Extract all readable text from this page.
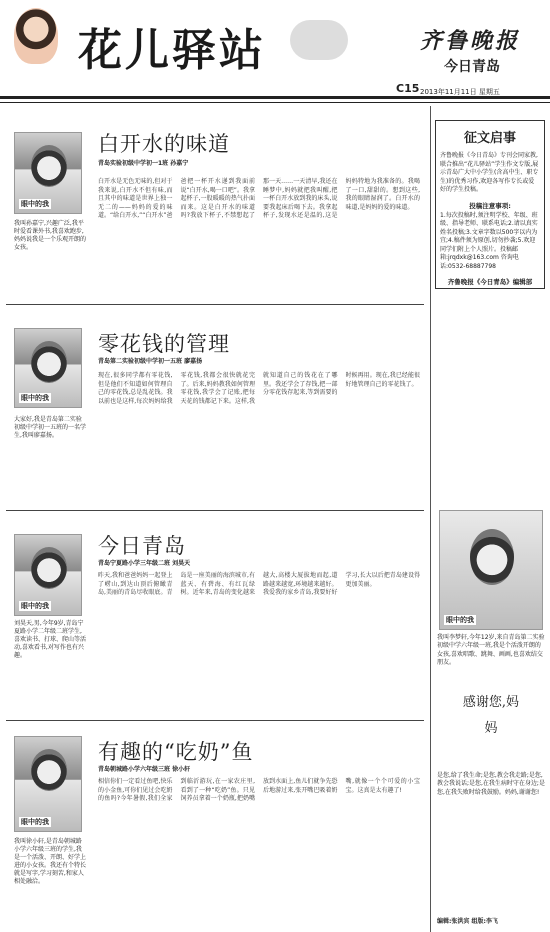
花儿驿站	齐鲁晚报
今日青岛
C15 2013年11月11日 星期五
白开水的味道
青岛实验初级中学初一1班 孙嘉宁
眼中的我
我叫孙嘉宁,兴趣广泛,我平时爱看课外书,我喜欢跑步,妈妈说我是一个乐观开朗的女孩。
白开水是无色无味的,但对于我来说,白开水不但有味,而且其中的味道是世界上独一无二的——妈妈的爱的味道。“给白开水,”“白开水”爸爸把一杯开水递到我面前说“白开水,喝一口吧”。我拿起杯子,一股暖暖的热气扑面而来。这是白开水的味道吗?我放下杯子,不禁想起了那一天……一天清早,我还在睡梦中,妈妈就把我叫醒,把一杯白开水放到我的床头,说要我起床后喝下去。我拿起杯子,发现水还是温的,这是妈妈特地为我准备的。我喝了一口,甜甜的。想到这些,我的眼睛湿润了。白开水的味道,是妈妈的爱的味道。
零花钱的管理
青岛第二实验初级中学初一五班 廖嘉扬
眼中的我
大家好,我是青岛第二实验初级中学初一五班的一名学生,我叫廖嘉扬。
现在,很多同学都有零花钱,但是他们不知道如何管理自己的零花钱,总是乱花钱。我以前也是这样,每次妈妈给我零花钱,我都会很快就花完了。后来,妈妈教我如何管理零花钱,我学会了记账,把每天花的钱都记下来。这样,我就知道自己的钱花在了哪里。我还学会了存钱,把一部分零花钱存起来,等到需要的时候再用。现在,我已经能很好地管理自己的零花钱了。
今日青岛
青岛宁夏路小学三年级二班 刘昊天
眼中的我
刘昊天,男,今年9岁,青岛宁夏路小学二年级二班学生,喜欢读书、打球、爬山等活动,喜欢看书,对写作也有兴趣。
昨天,我和爸爸妈妈一起登上了崂山,到达山顶后俯瞰青岛,美丽的青岛尽收眼底。青岛是一座美丽的海滨城市,有蓝天、有碧海、有红瓦绿树。近年来,青岛的变化越来越大,高楼大厦拔地而起,道路越来越宽,环境越来越好。我爱我的家乡青岛,我要好好学习,长大以后把青岛建设得更加美丽。
有趣的“吃奶”鱼
青岛朝城路小学六年级三班 徐小轩
眼中的我
我叫徐小轩,是青岛朝城路小学六年级三班的学生,我是一个活泼、开朗、好学上进的小女孩。我还有个特长就是写字,学习刻苦,和家人相处融洽。
相信你们一定看过鱼吧,快乐的小金鱼,可你们见过会吃奶的鱼吗?今年暑假,我们全家到临沂游玩,在一家农庄里,看到了一种“吃奶”鱼。只见饲养员拿着一个奶瓶,把奶嘴放到水面上,鱼儿们就争先恐后地游过来,张开嘴巴吸着奶嘴,就像一个个可爱的小宝宝。这真是太有趣了!
征文启事
齐鲁晚报《今日青岛》专刊会同家教,联合推出“花儿驿站”学生作文专版,展示青岛广大中小学生(含高中生、职专生)的优秀习作,欢迎各写作专长或爱好的学生投稿。
投稿注意事项:
1.每次投稿时,须注明学校、年级、班级、指导老师、联系电话;2.请以真实姓名投稿;3.文章字数以500字以内为宜;4.稿件须为原创,切勿抄袭;5.欢迎同学们附上个人照片。投稿邮箱:jrqdxk@163.com 咨询电话:0532-68887798
齐鲁晚报《今日青岛》编辑部
眼中的我
我叫李梦轩,今年12岁,来自青岛第二实验初级中学六年级一班,我是个活泼开朗的女孩,喜欢唱歌、跳舞、画画,也喜欢结交朋友。
感谢您,妈妈
是您,给了我生命;是您,教会我走路;是您,教会我说话;是您,在我生病时守在身边;是您,在我失败时给我鼓励。妈妈,谢谢您!
编辑:张洪宾 组版:李飞
